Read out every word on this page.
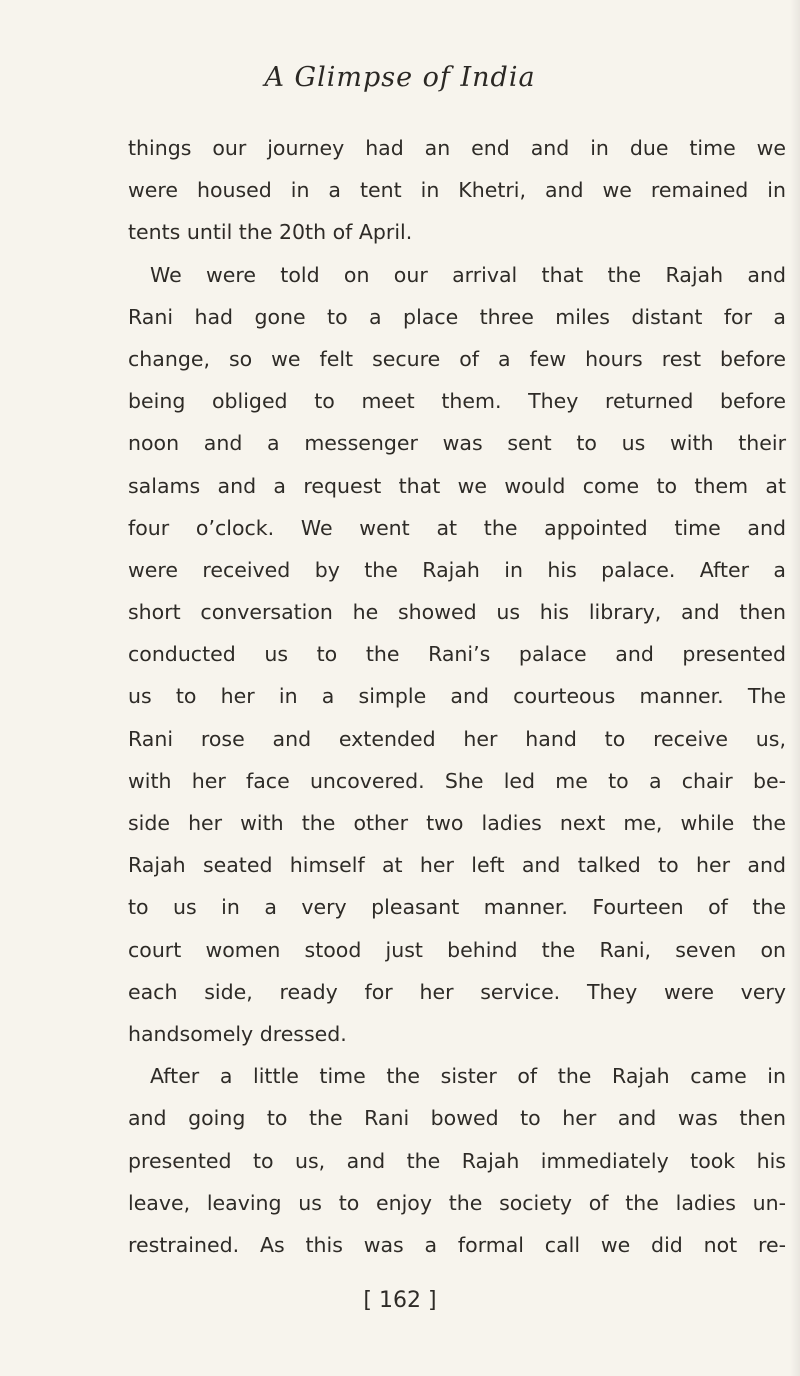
A Glimpse of India
things our journey had an end and in due time we
were housed in a tent in Khetri, and we remained in
tents until the 20th of April.
We were told on our arrival that the Rajah and
Rani had gone to a place three miles distant for a
change, so we felt secure of a few hours rest before
being obliged to meet them. They returned before
noon and a messenger was sent to us with their
salams and a request that we would come to them at
four o’clock. We went at the appointed time and
were received by the Rajah in his palace. After a
short conversation he showed us his library, and then
conducted us to the Rani’s palace and presented
us to her in a simple and courteous manner. The
Rani rose and extended her hand to receive us,
with her face uncovered. She led me to a chair be-
side her with the other two ladies next me, while the
Rajah seated himself at her left and talked to her and
to us in a very pleasant manner. Fourteen of the
court women stood just behind the Rani, seven on
each side, ready for her service. They were very
handsomely dressed.
After a little time the sister of the Rajah came in
and going to the Rani bowed to her and was then
presented to us, and the Rajah immediately took his
leave, leaving us to enjoy the society of the ladies un-
restrained. As this was a formal call we did not re-
[ 162 ]
